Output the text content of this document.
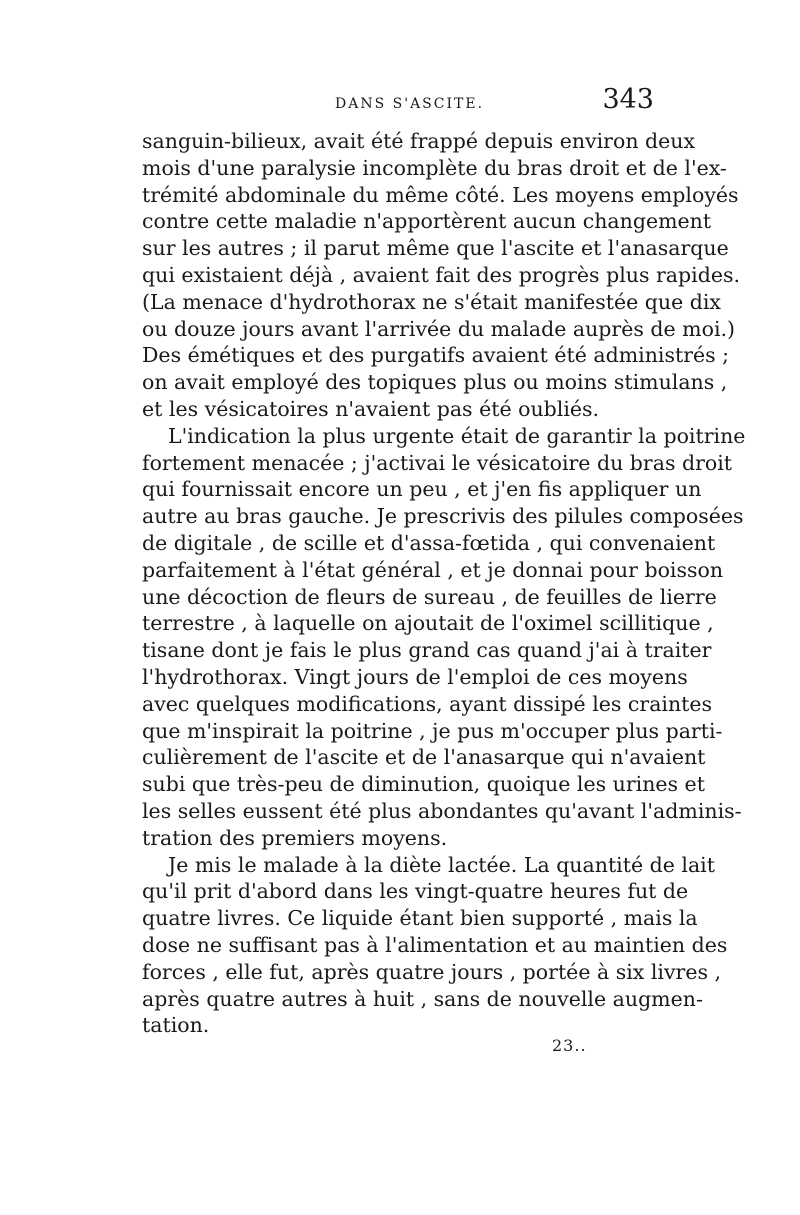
DANS S'ASCITE.	343
sanguin-bilieux, avait été frappé depuis environ deux
mois d'une paralysie incomplète du bras droit et de l'ex-
trémité abdominale du même côté. Les moyens employés
contre cette maladie n'apportèrent aucun changement
sur les autres ; il parut même que l'ascite et l'anasarque
qui existaient déjà , avaient fait des progrès plus rapides.
(La menace d'hydrothorax ne s'était manifestée que dix
ou douze jours avant l'arrivée du malade auprès de moi.)
Des émétiques et des purgatifs avaient été administrés ;
on avait employé des topiques plus ou moins stimulans ,
et les vésicatoires n'avaient pas été oubliés.
L'indication la plus urgente était de garantir la poitrine
fortement menacée ; j'activai le vésicatoire du bras droit
qui fournissait encore un peu , et j'en fis appliquer un
autre au bras gauche. Je prescrivis des pilules composées
de digitale , de scille et d'assa-fœtida , qui convenaient
parfaitement à l'état général , et je donnai pour boisson
une décoction de fleurs de sureau , de feuilles de lierre
terrestre , à laquelle on ajoutait de l'oximel scillitique ,
tisane dont je fais le plus grand cas quand j'ai à traiter
l'hydrothorax. Vingt jours de l'emploi de ces moyens
avec quelques modifications, ayant dissipé les craintes
que m'inspirait la poitrine , je pus m'occuper plus parti-
culièrement de l'ascite et de l'anasarque qui n'avaient
subi que très-peu de diminution, quoique les urines et
les selles eussent été plus abondantes qu'avant l'adminis-
tration des premiers moyens.
Je mis le malade à la diète lactée. La quantité de lait
qu'il prit d'abord dans les vingt-quatre heures fut de
quatre livres. Ce liquide étant bien supporté , mais la
dose ne suffisant pas à l'alimentation et au maintien des
forces , elle fut, après quatre jours , portée à six livres ,
après quatre autres à huit , sans de nouvelle augmen-
tation.
23..
